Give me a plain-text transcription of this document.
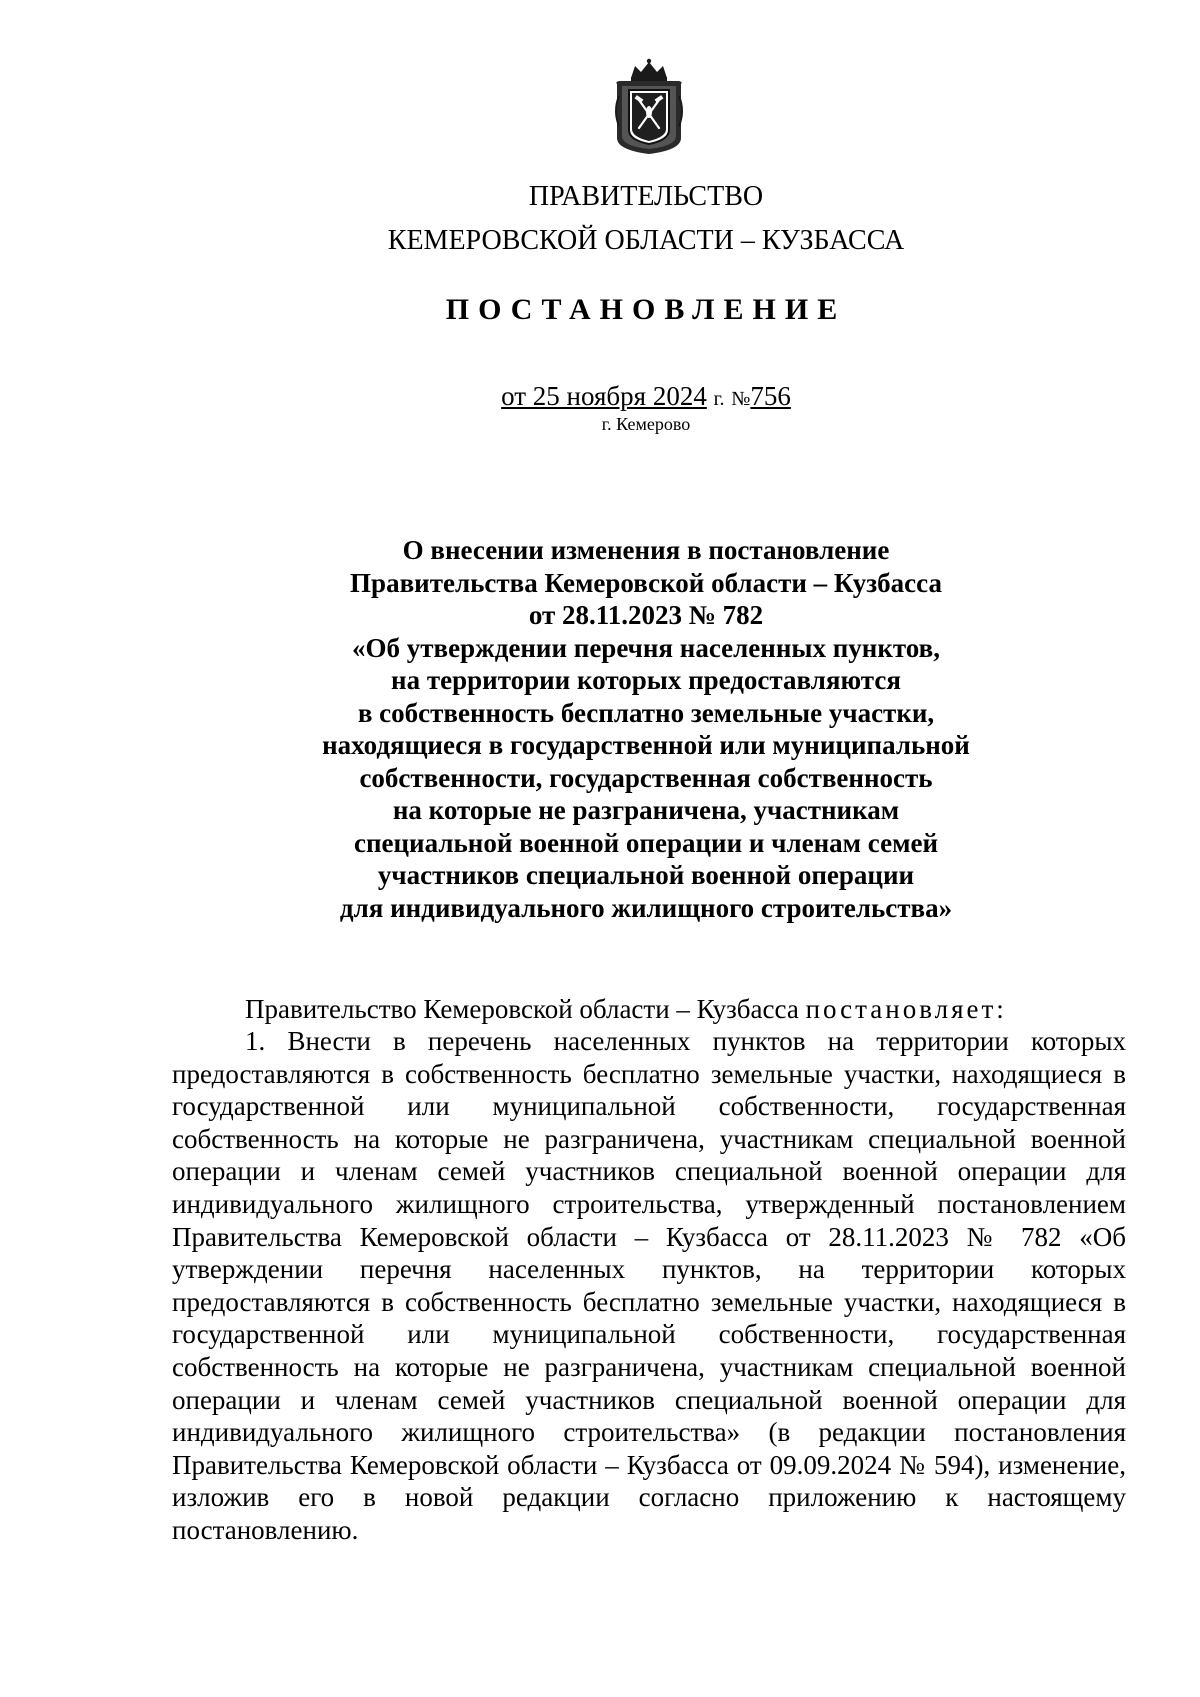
ПРАВИТЕЛЬСТВО

КЕМЕРОВСКОЙ ОБЛАСТИ – КУЗБАССА

ПОСТАНОВЛЕНИЕ

от 25 ноября 2024 г. №756
г. Кемерово

О внесении изменения в постановление
Правительства Кемеровской области – Кузбасса
от 28.11.2023 № 782
«Об утверждении перечня населенных пунктов,
на территории которых предоставляются
в собственность бесплатно земельные участки,
находящиеся в государственной или муниципальной
собственности, государственная собственность
на которые не разграничена, участникам
специальной военной операции и членам семей
участников специальной военной операции
для индивидуального жилищного строительства»

Правительство Кемеровской области – Кузбасса постановляет:
1. Внести в перечень населенных пунктов на территории которых предоставляются в собственность бесплатно земельные участки, находящиеся в государственной или муниципальной собственности, государственная собственность на которые не разграничена, участникам специальной военной операции и членам семей участников специальной военной операции для индивидуального жилищного строительства, утвержденный постановлением Правительства Кемеровской области – Кузбасса от 28.11.2023 № 782 «Об утверждении перечня населенных пунктов, на территории которых предоставляются в собственность бесплатно земельные участки, находящиеся в государственной или муниципальной собственности, государственная собственность на которые не разграничена, участникам специальной военной операции и членам семей участников специальной военной операции для индивидуального жилищного строительства» (в редакции постановления Правительства Кемеровской области – Кузбасса от 09.09.2024 № 594), изменение, изложив его в новой редакции согласно приложению к настоящему постановлению.
